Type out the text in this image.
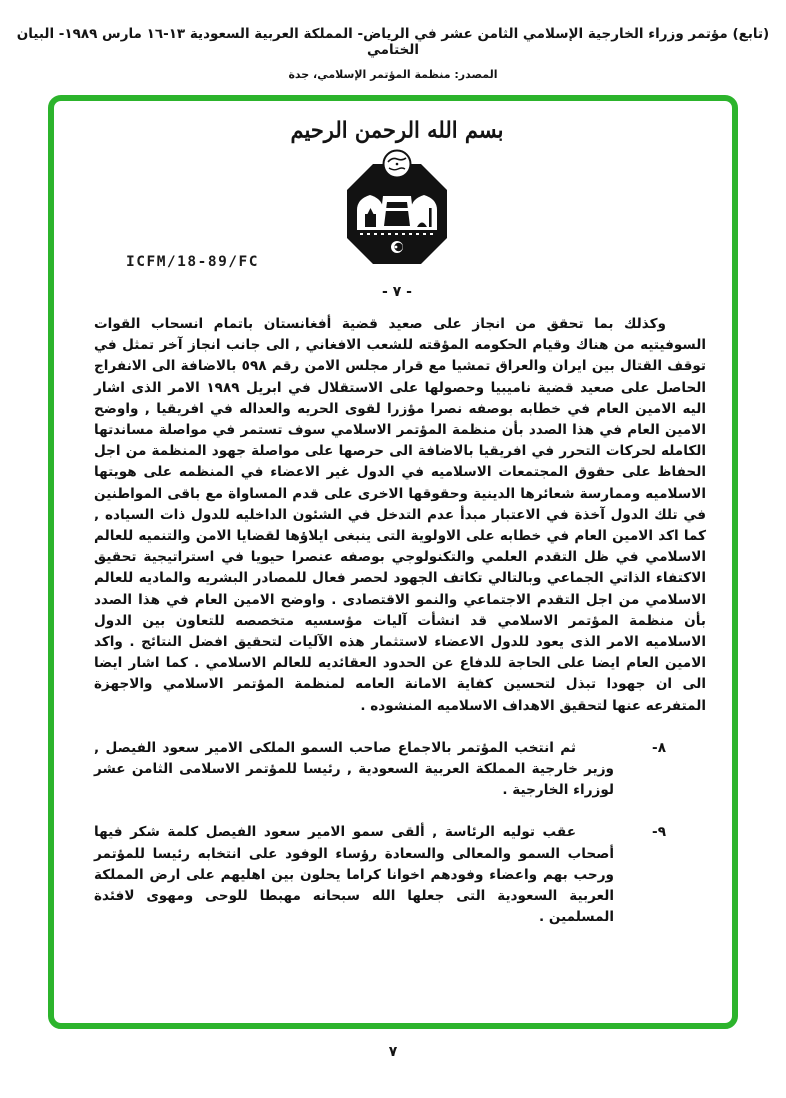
(تابع) مؤتمر وزراء الخارجية الإسلامي الثامن عشر في الرياض- المملكة العربية السعودية ١٣-١٦ مارس ١٩٨٩- البيان الختامي
المصدر: منظمة المؤتمر الإسلامي، جدة
بسم الله الرحمن الرحيم
ICFM/18-89/FC
- ٧ -

وكذلك بما تحقق من انجاز على صعيد قضية أفغانستان باتمام انسحاب القوات السوفيتيه من هناك وقيام الحكومه المؤقته للشعب الافغاني , الى جانب انجاز آخر تمثل في توقف القتال بين ايران والعراق تمشيا مع قرار مجلس الامن رقم ٥٩٨ بالاضافة الى الانفراج الحاصل على صعيد قضية ناميبيا وحصولها على الاستقلال في ابريل ١٩٨٩ الامر الذى اشار اليه الامين العام في خطابه بوصفه نصرا مؤزرا لقوى الحريه والعداله في افريقيا , واوضح الامين العام في هذا الصدد بأن منظمة المؤتمر الاسلامي سوف تستمر في مواصلة مساندتها الكامله لحركات التحرر في افريقيا بالاضافة الى حرصها على مواصلة جهود المنظمة من اجل الحفاظ على حقوق المجتمعات الاسلاميه في الدول غير الاعضاء في المنظمه على هويتها الاسلاميه وممارسة شعائرها الدينية وحقوقها الاخرى على قدم المساواة مع باقى المواطنين في تلك الدول آخذة في الاعتبار مبدأ عدم التدخل في الشئون الداخليه للدول ذات السياده , كما اكد الامين العام في خطابه على الاولوية التى ينبغى ايلاؤها لقضايا الامن والتنميه للعالم الاسلامي في ظل التقدم العلمي والتكنولوجي بوصفه عنصرا حيويا في استراتيجية تحقيق الاكتفاء الذاتي الجماعي وبالتالي تكاتف الجهود لحصر فعال للمصادر البشريه والماديه للعالم الاسلامي من اجل التقدم الاجتماعي والنمو الاقتصادى . واوضح الامين العام في هذا الصدد بأن منظمة المؤتمر الاسلامي قد انشأت آليات مؤسسيه متخصصه للتعاون بين الدول الاسلاميه الامر الذى يعود للدول الاعضاء لاستثمار هذه الآليات لتحقيق افضل النتائج . واكد الامين العام ايضا على الحاجة للدفاع عن الحدود العقائديه للعالم الاسلامي . كما اشار ايضا الى ان جهودا تبذل لتحسين كفاية الامانة العامه لمنظمة المؤتمر الاسلامي والاجهزة المتفرعه عنها لتحقيق الاهداف الاسلاميه المنشوده .

٨-
ثم انتخب المؤتمر بالاجماع صاحب السمو الملكى الامير سعود الفيصل , وزير خارجية المملكة العربية السعودية , رئيسا للمؤتمر الاسلامى الثامن عشر لوزراء الخارجية .
٩-
عقب توليه الرئاسة , ألقى سمو الامير سعود الفيصل كلمة شكر فيها أصحاب السمو والمعالى والسعادة رؤساء الوفود على انتخابه رئيسا للمؤتمر ورحب بهم واعضاء وفودهم اخوانا كراما يحلون بين اهليهم على ارض المملكة العربية السعودية التى جعلها الله سبحانه مهبطا للوحى ومهوى لافئدة المسلمين .
٧
